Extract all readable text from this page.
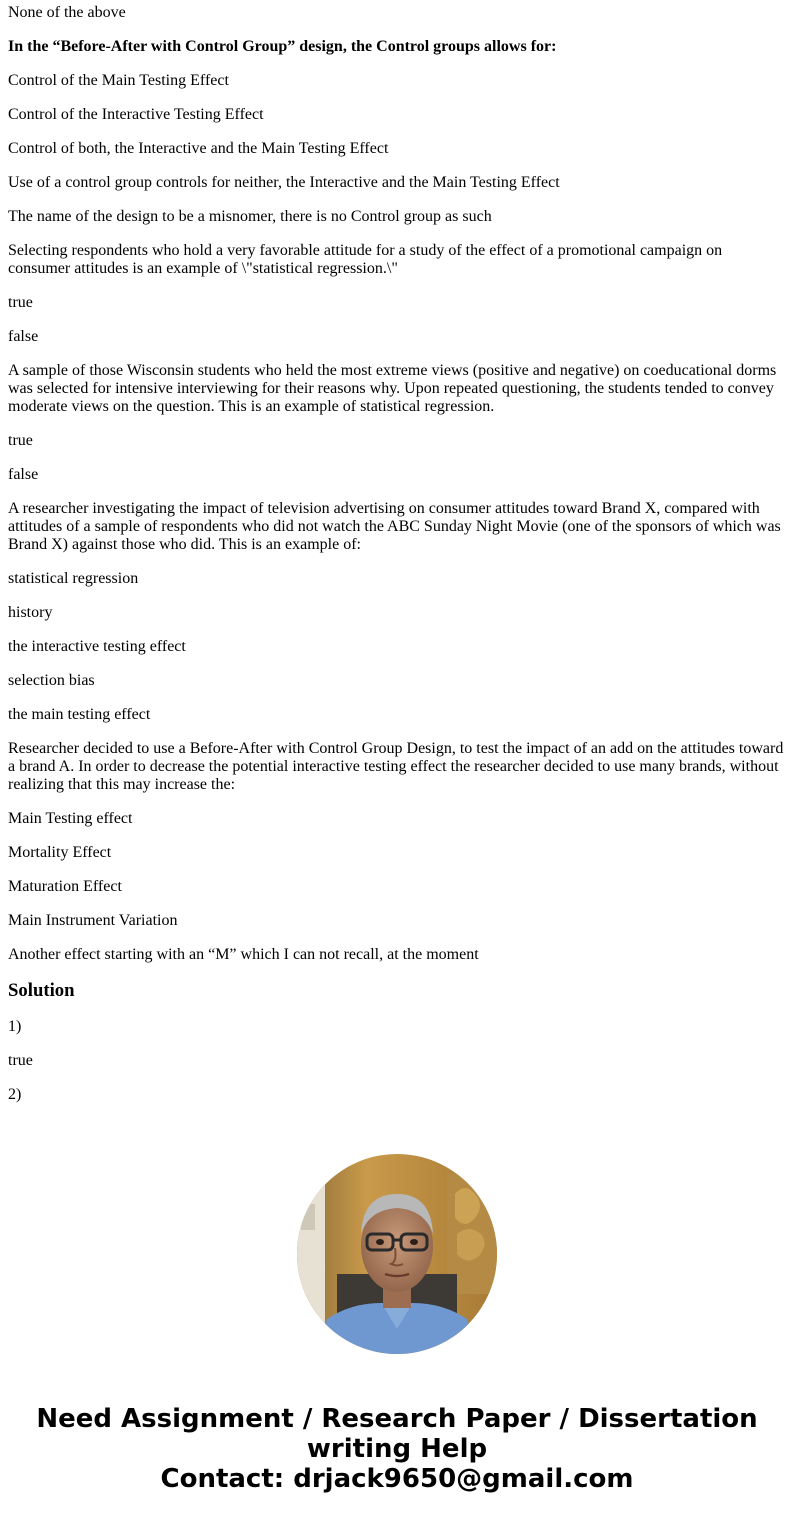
None of the above

In the “Before-After with Control Group” design, the Control groups allows for:

Control of the Main Testing Effect

Control of the Interactive Testing Effect

Control of both, the Interactive and the Main Testing Effect

Use of a control group controls for neither, the Interactive and the Main Testing Effect

The name of the design to be a misnomer, there is no Control group as such

Selecting respondents who hold a very favorable attitude for a study of the effect of a promotional campaign on consumer attitudes is an example of \"statistical regression.\"

true

false

A sample of those Wisconsin students who held the most extreme views (positive and negative) on coeducational dorms was selected for intensive interviewing for their reasons why. Upon repeated questioning, the students tended to convey moderate views on the question. This is an example of statistical regression.

true

false

A researcher investigating the impact of television advertising on consumer attitudes toward Brand X, compared with attitudes of a sample of respondents who did not watch the ABC Sunday Night Movie (one of the sponsors of which was Brand X) against those who did. This is an example of:

statistical regression

history

the interactive testing effect

selection bias

the main testing effect

Researcher decided to use a Before-After with Control Group Design, to test the impact of an add on the attitudes toward a brand A. In order to decrease the potential interactive testing effect the researcher decided to use many brands, without realizing that this may increase the:

Main Testing effect

Mortality Effect

Maturation Effect

Main Instrument Variation

Another effect starting with an “M” which I can not recall, at the moment

Solution

1)

true

2)

Need Assignment / Research Paper / Dissertation
writing Help
Contact: drjack9650@gmail.com
